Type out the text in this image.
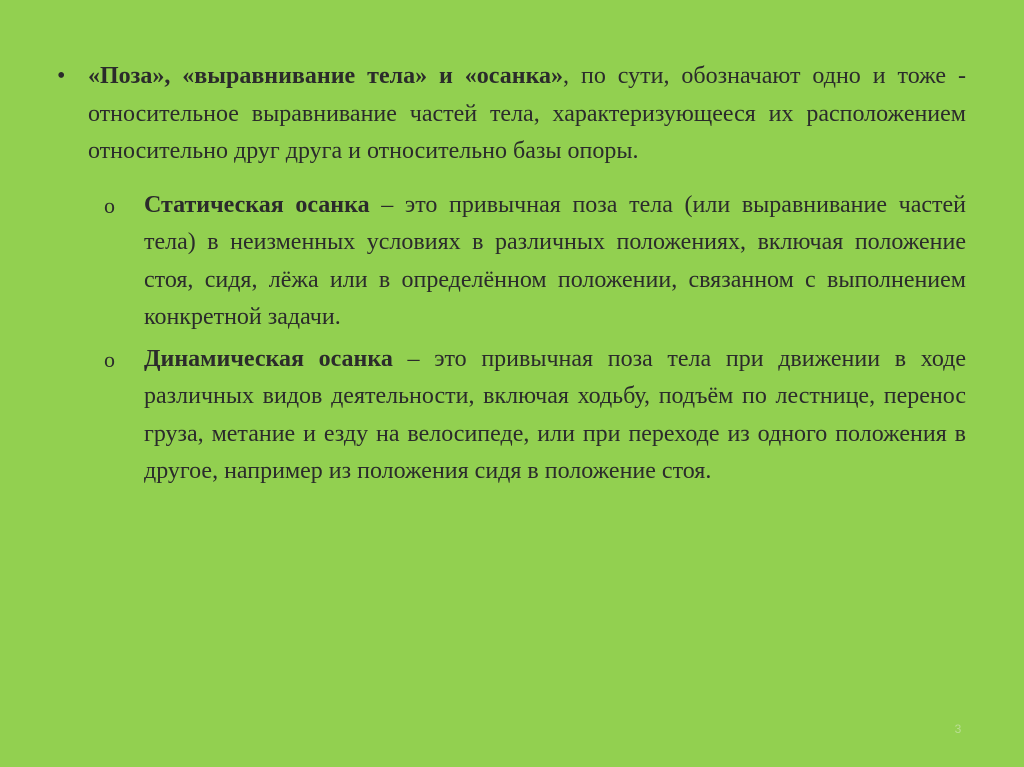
• «Поза», «выравнивание тела» и «осанка», по сути, обозначают одно и тоже - относительное выравнивание частей тела, характеризующееся их расположением относительно друг друга и относительно базы опоры.
o Статическая осанка – это привычная поза тела (или выравнивание частей тела) в неизменных условиях в различных положениях, включая положение стоя, сидя, лёжа или в определённом положении, связанном с выполнением конкретной задачи.
o Динамическая осанка – это привычная поза тела при движении в ходе различных видов деятельности, включая ходьбу, подъём по лестнице, перенос груза, метание и езду на велосипеде, или при переходе из одного положения в другое, например из положения сидя в положение стоя.
3
